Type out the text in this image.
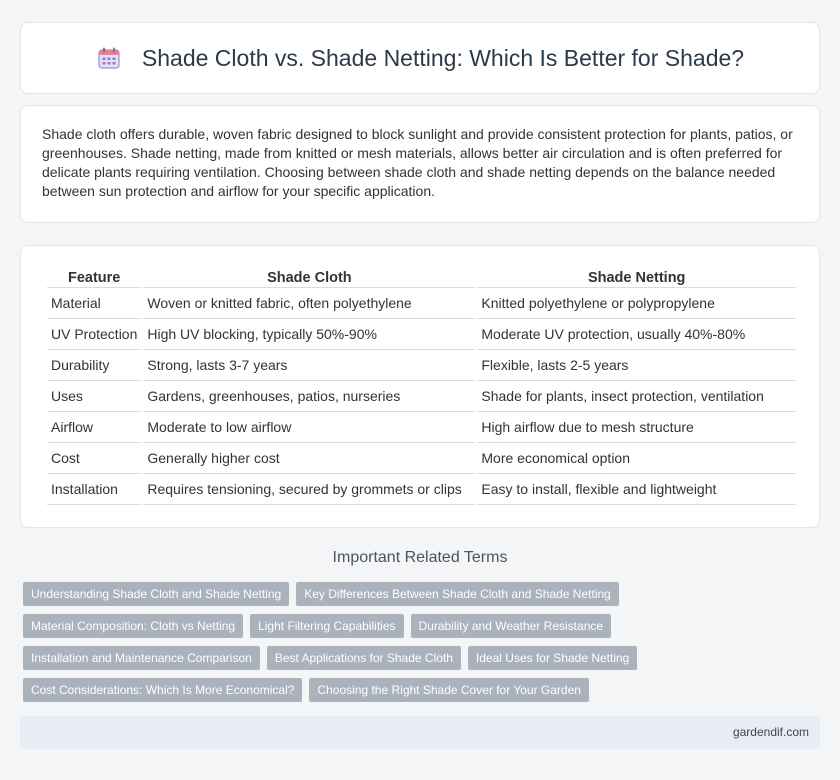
Shade Cloth vs. Shade Netting: Which Is Better for Shade?

Shade cloth offers durable, woven fabric designed to block sunlight and provide consistent protection for plants, patios, or greenhouses. Shade netting, made from knitted or mesh materials, allows better air circulation and is often preferred for delicate plants requiring ventilation. Choosing between shade cloth and shade netting depends on the balance needed between sun protection and airflow for your specific application.

Feature	Shade Cloth	Shade Netting
Material	Woven or knitted fabric, often polyethylene	Knitted polyethylene or polypropylene
UV Protection	High UV blocking, typically 50%-90%	Moderate UV protection, usually 40%-80%
Durability	Strong, lasts 3-7 years	Flexible, lasts 2-5 years
Uses	Gardens, greenhouses, patios, nurseries	Shade for plants, insect protection, ventilation
Airflow	Moderate to low airflow	High airflow due to mesh structure
Cost	Generally higher cost	More economical option
Installation	Requires tensioning, secured by grommets or clips	Easy to install, flexible and lightweight
Important Related Terms
Understanding Shade Cloth and Shade Netting	Key Differences Between Shade Cloth and Shade Netting
Material Composition: Cloth vs Netting	Light Filtering Capabilities	Durability and Weather Resistance
Installation and Maintenance Comparison	Best Applications for Shade Cloth	Ideal Uses for Shade Netting
Cost Considerations: Which Is More Economical?	Choosing the Right Shade Cover for Your Garden
gardendif.com
